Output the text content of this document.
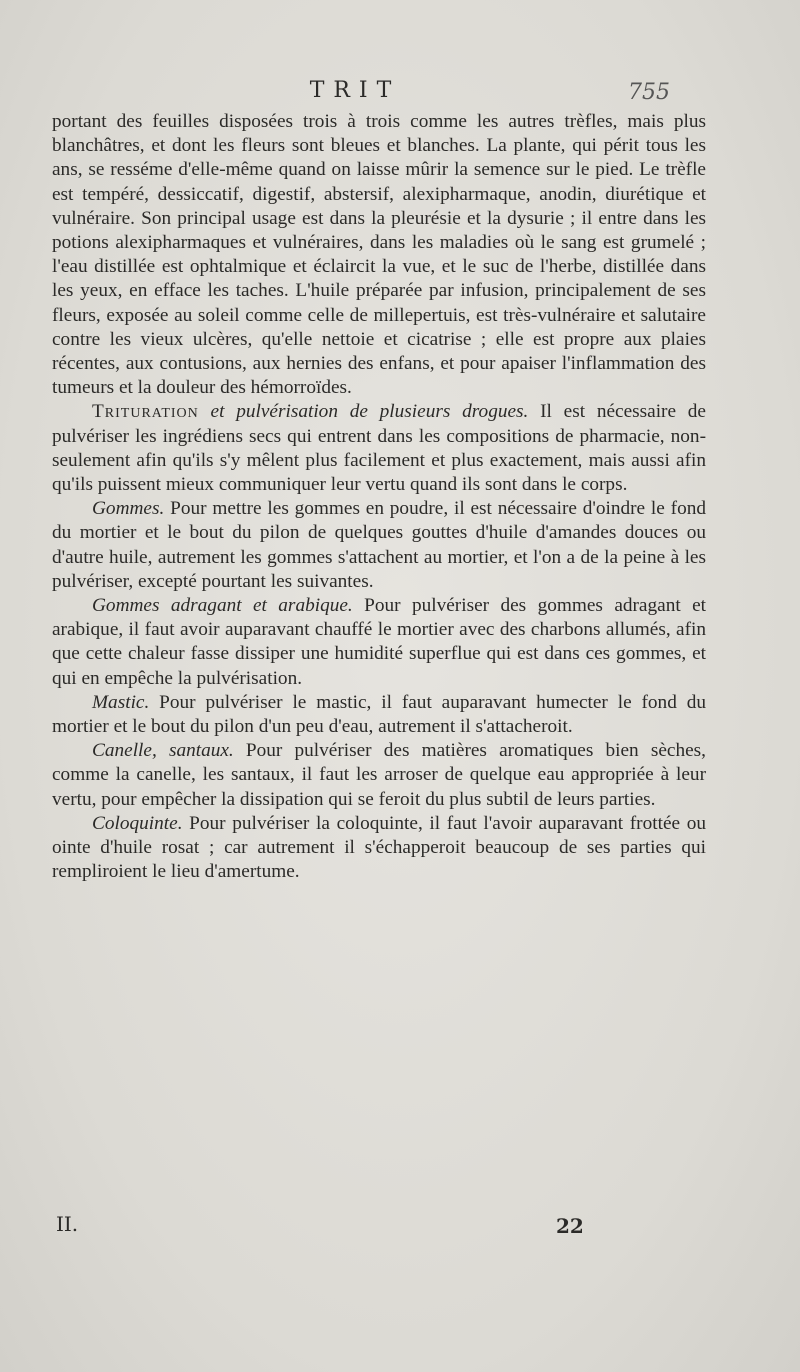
TRIT	755

portant des feuilles disposées trois à trois comme les autres trèfles, mais plus blanchâtres, et dont les fleurs sont bleues et blanches. La plante, qui périt tous les ans, se resséme d'elle-même quand on laisse mûrir la semence sur le pied. Le trèfle est tempéré, dessiccatif, digestif, abstersif, alexipharmaque, anodin, diurétique et vulnéraire. Son principal usage est dans la pleurésie et la dysurie ; il entre dans les potions alexipharmaques et vulnéraires, dans les maladies où le sang est grumelé ; l'eau distillée est ophtalmique et éclaircit la vue, et le suc de l'herbe, distillée dans les yeux, en efface les taches. L'huile préparée par infusion, principalement de ses fleurs, exposée au soleil comme celle de millepertuis, est très-vulnéraire et salutaire contre les vieux ulcères, qu'elle nettoie et cicatrise ; elle est propre aux plaies récentes, aux contusions, aux hernies des enfans, et pour apaiser l'inflammation des tumeurs et la douleur des hémorroïdes.

Trituration et pulvérisation de plusieurs drogues. Il est nécessaire de pulvériser les ingrédiens secs qui entrent dans les compositions de pharmacie, non-seulement afin qu'ils s'y mêlent plus facilement et plus exactement, mais aussi afin qu'ils puissent mieux communiquer leur vertu quand ils sont dans le corps.

Gommes. Pour mettre les gommes en poudre, il est nécessaire d'oindre le fond du mortier et le bout du pilon de quelques gouttes d'huile d'amandes douces ou d'autre huile, autrement les gommes s'attachent au mortier, et l'on a de la peine à les pulvériser, excepté pourtant les suivantes.

Gommes adragant et arabique. Pour pulvériser des gommes adragant et arabique, il faut avoir auparavant chauffé le mortier avec des charbons allumés, afin que cette chaleur fasse dissiper une humidité superflue qui est dans ces gommes, et qui en empêche la pulvérisation.

Mastic. Pour pulvériser le mastic, il faut auparavant humecter le fond du mortier et le bout du pilon d'un peu d'eau, autrement il s'attacheroit.

Canelle, santaux. Pour pulvériser des matières aromatiques bien sèches, comme la canelle, les santaux, il faut les arroser de quelque eau appropriée à leur vertu, pour empêcher la dissipation qui se feroit du plus subtil de leurs parties.

Coloquinte. Pour pulvériser la coloquinte, il faut l'avoir auparavant frottée ou ointe d'huile rosat ; car autrement il s'échapperoit beaucoup de ses parties qui rempliroient le lieu d'amertume.

II.	22
